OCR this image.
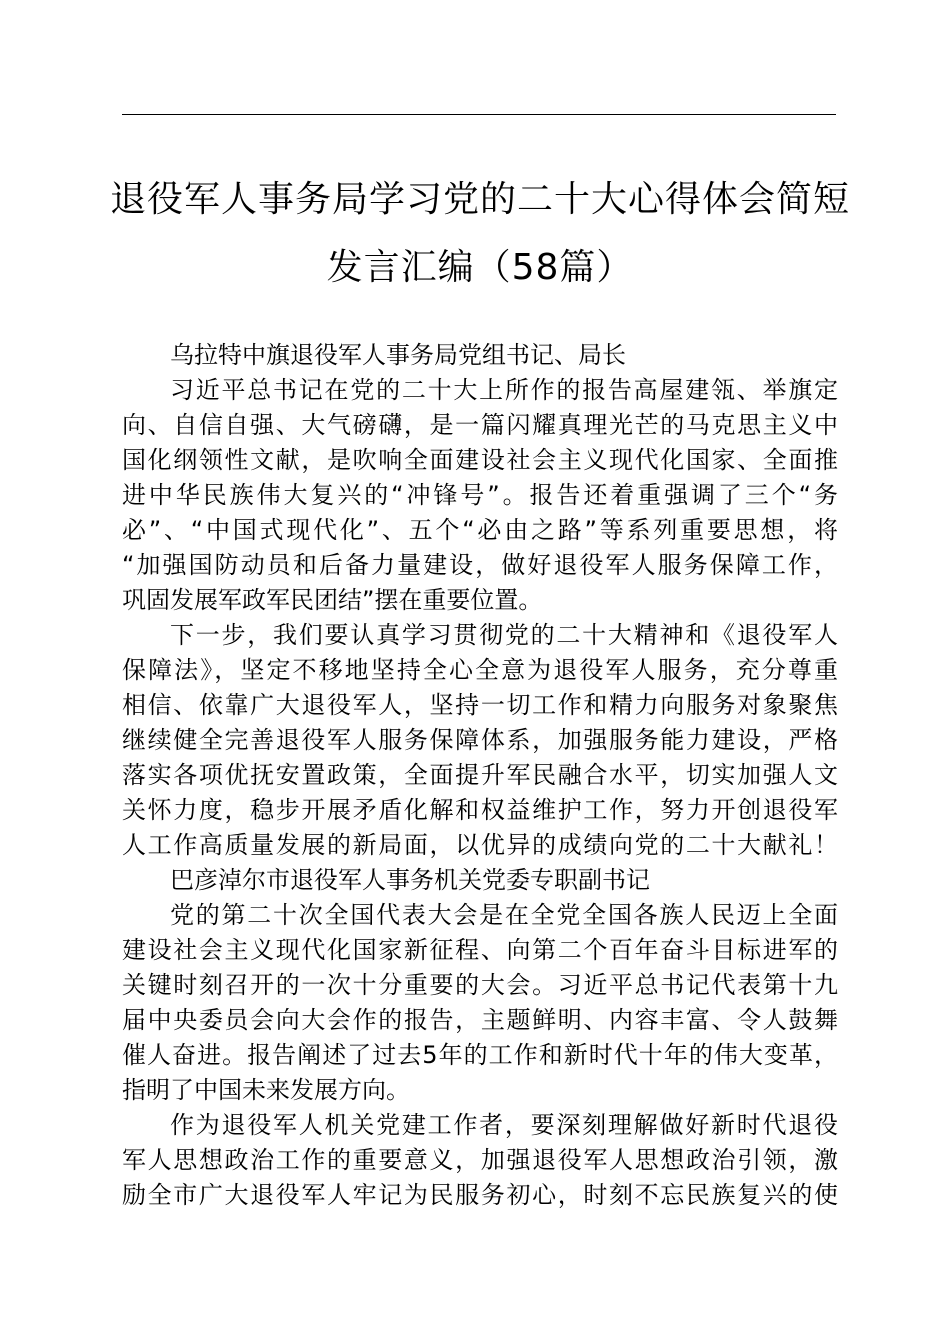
退役军人事务局学习党的二十大心得体会简短
发言汇编（58篇）
乌拉特中旗退役军人事务局党组书记、局长
习近平总书记在党的二十大上所作的报告高屋建瓴、举旗定
向、自信自强、大气磅礴，是一篇闪耀真理光芒的马克思主义中
国化纲领性文献，是吹响全面建设社会主义现代化国家、全面推
进中华民族伟大复兴的“冲锋号”。报告还着重强调了三个“务
必”、“中国式现代化”、五个“必由之路”等系列重要思想，将
“加强国防动员和后备力量建设，做好退役军人服务保障工作，
巩固发展军政军民团结”摆在重要位置。
下一步，我们要认真学习贯彻党的二十大精神和《退役军人
保障法》，坚定不移地坚持全心全意为退役军人服务，充分尊重
相信、依靠广大退役军人，坚持一切工作和精力向服务对象聚焦
继续健全完善退役军人服务保障体系，加强服务能力建设，严格
落实各项优抚安置政策，全面提升军民融合水平，切实加强人文
关怀力度，稳步开展矛盾化解和权益维护工作，努力开创退役军
人工作高质量发展的新局面，以优异的成绩向党的二十大献礼！
巴彦淖尔市退役军人事务机关党委专职副书记
党的第二十次全国代表大会是在全党全国各族人民迈上全面
建设社会主义现代化国家新征程、向第二个百年奋斗目标进军的
关键时刻召开的一次十分重要的大会。习近平总书记代表第十九
届中央委员会向大会作的报告，主题鲜明、内容丰富、令人鼓舞
催人奋进。报告阐述了过去5年的工作和新时代十年的伟大变革，
指明了中国未来发展方向。
作为退役军人机关党建工作者，要深刻理解做好新时代退役
军人思想政治工作的重要意义，加强退役军人思想政治引领，激
励全市广大退役军人牢记为民服务初心，时刻不忘民族复兴的使
